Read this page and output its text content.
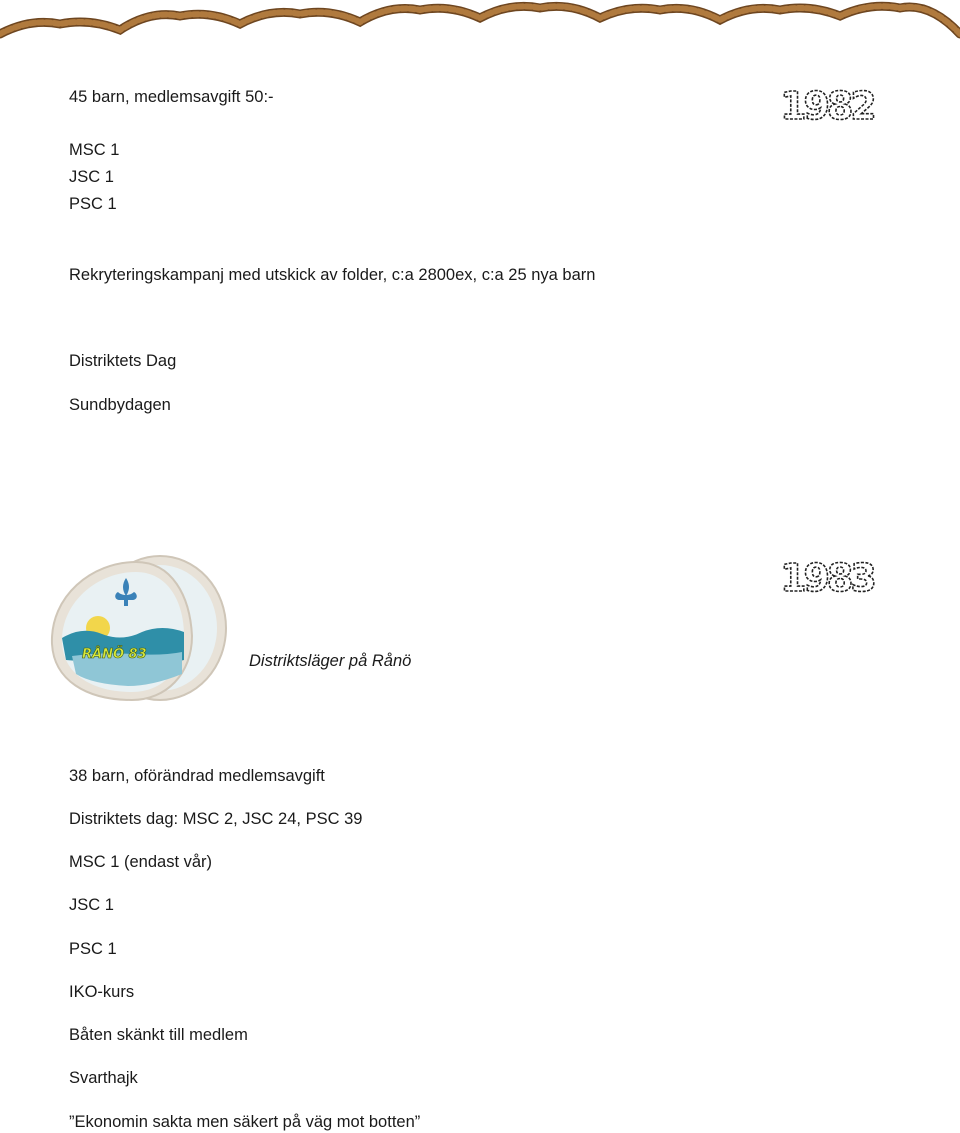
1982
45 barn, medlemsavgift 50:-
MSC 1
JSC 1
PSC 1
Rekryteringskampanj med utskick av folder, c:a 2800ex, c:a 25 nya barn
Distriktets Dag
Sundbydagen
1983
RÅNÖ 83	Distriktsläger på Rånö
38 barn, oförändrad medlemsavgift
Distriktets dag: MSC 2, JSC 24, PSC 39
MSC 1 (endast vår)
JSC 1
PSC 1
IKO-kurs
Båten skänkt till medlem
Svarthajk
”Ekonomin sakta men säkert på väg mot botten”
